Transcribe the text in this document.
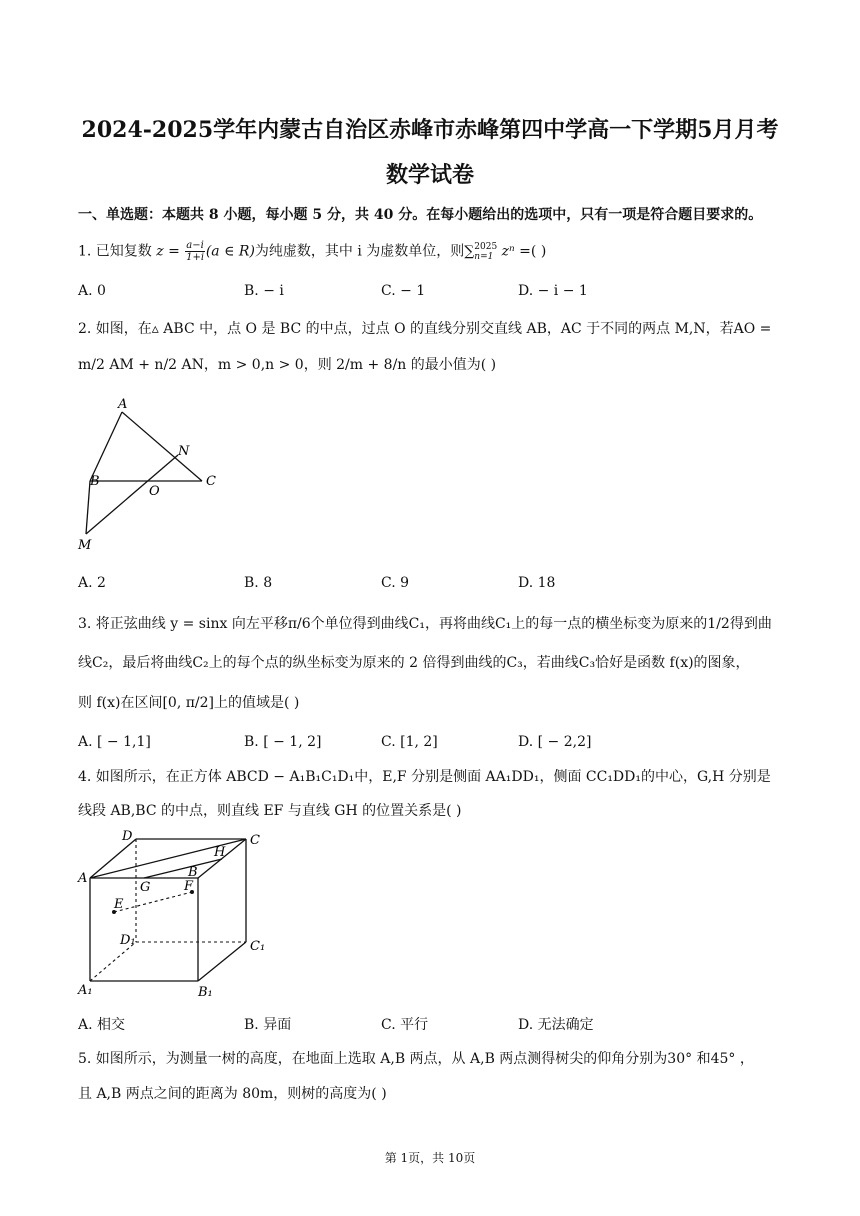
2024-2025学年内蒙古自治区赤峰市赤峰第四中学高一下学期5月月考
数学试卷
一、单选题：本题共 8 小题，每小题 5 分，共 40 分。在每小题给出的选项中，只有一项是符合题目要求的。
1. 已知复数 $z = \frac{a-i}{1+i} (a$ ∈ R)为纯虚数，其中 i 为虚数单位，则∑ 2025
n=1 zⁿ =( )
A. 0	B. − i	C. − 1	D. − i − 1
2. 如图，在▵ ABC 中，点 O 是 BC 的中点，过点 O 的直线分别交直线 AB，AC 于不同的两点 M,N，若AO =
m/2 AM + n/2 AN，m > 0,n > 0，则 2/m + 8/n 的最小值为( )
A
B	C
N
O
M
A. 2	B. 8	C. 9	D. 18
3. 将正弦曲线 y = sinx 向左平移π/6个单位得到曲线C₁，再将曲线C₁上的每一点的横坐标变为原来的1/2得到曲
线C₂，最后将曲线C₂上的每个点的纵坐标变为原来的 2 倍得到曲线的C₃，若曲线C₃恰好是函数 f(x)的图象，
则 f(x)在区间[0, π/2]上的值域是( )
A. [ − 1,1]	B. [ − 1, 2]	C. [1, 2]	D. [ − 2,2]
4. 如图所示，在正方体 ABCD − A₁B₁C₁D₁中，E,F 分别是侧面 AA₁DD₁，侧面 CC₁DD₁的中心，G,H 分别是
线段 AB,BC 的中点，则直线 EF 与直线 GH 的位置关系是( )
D	C
H
B
A
G	F
E
D₁	C₁
A₁	B₁
A. 相交	B. 异面	C. 平行	D. 无法确定
5. 如图所示，为测量一树的高度，在地面上选取 A,B 两点，从 A,B 两点测得树尖的仰角分别为30° 和45° ，
且 A,B 两点之间的距离为 80m，则树的高度为( )
第 1页，共 10页
